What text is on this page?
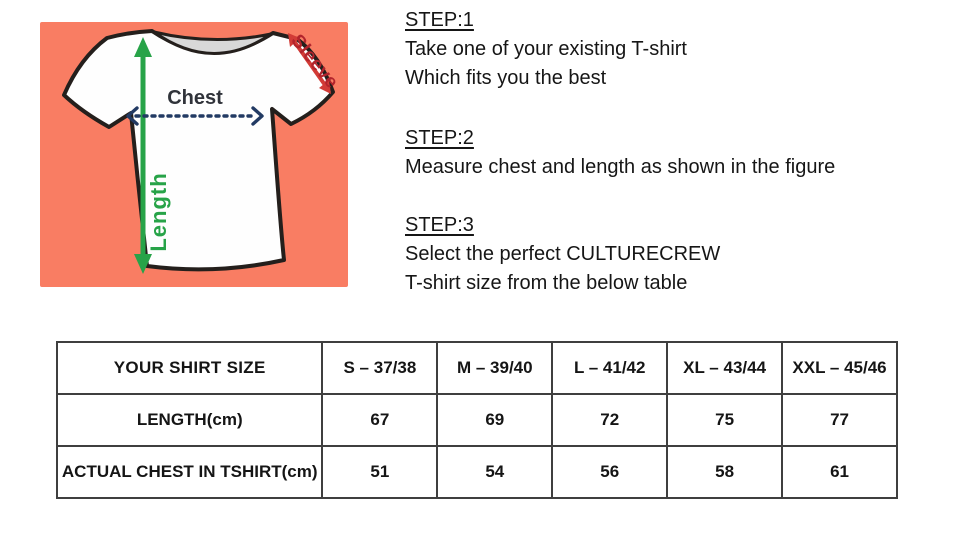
Length
Chest
Sleeve
STEP:1
Take one of your existing T-shirt
Which fits you the best
STEP:2
Measure chest and length as shown in the figure
STEP:3
Select the perfect CULTURECREW
T-shirt size from the below table
YOUR SHIRT SIZE	S – 37/38	M – 39/40	L – 41/42	XL – 43/44	XXL – 45/46
LENGTH(cm)	67	69	72	75	77
ACTUAL CHEST IN TSHIRT(cm)	51	54	56	58	61
